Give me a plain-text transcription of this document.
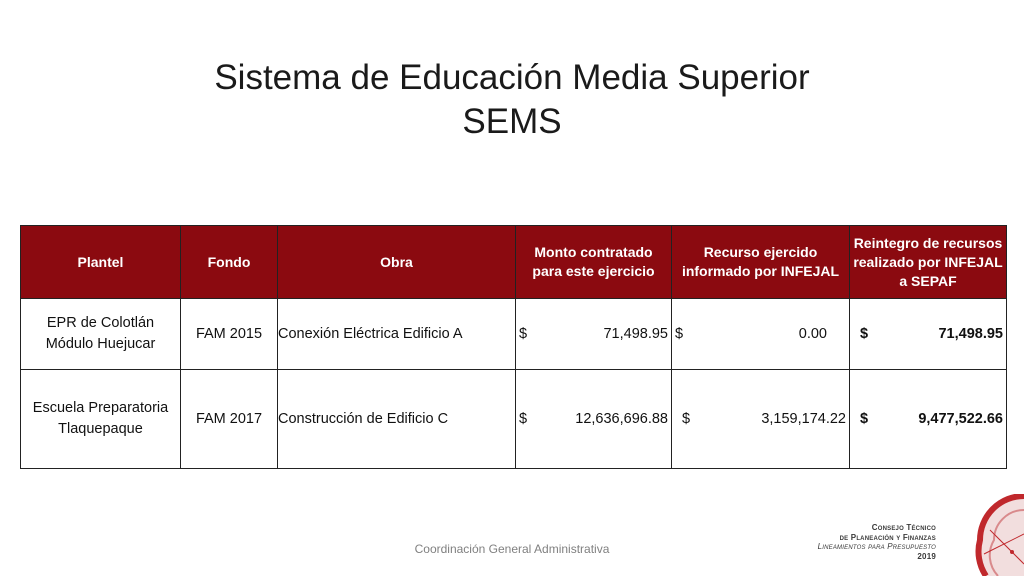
Sistema de Educación Media Superior
SEMS
Plantel	Fondo	Obra	Monto contratado para este ejercicio	Recurso ejercido informado por INFEJAL	Reintegro de recursos realizado por INFEJAL a SEPAF
EPR de Colotlán Módulo Huejucar	FAM 2015	Conexión Eléctrica Edificio A	$ 71,498.95	$ 0.00	$ 71,498.95

Escuela Preparatoria Tlaquepaque	FAM 2017	Construcción de Edificio C	$ 12,636,696.88	$ 3,159,174.22	$ 9,477,522.66
Coordinación General Administrativa
Consejo Técnico
de Planeación y Finanzas
Lineamientos para Presupuesto
2019
